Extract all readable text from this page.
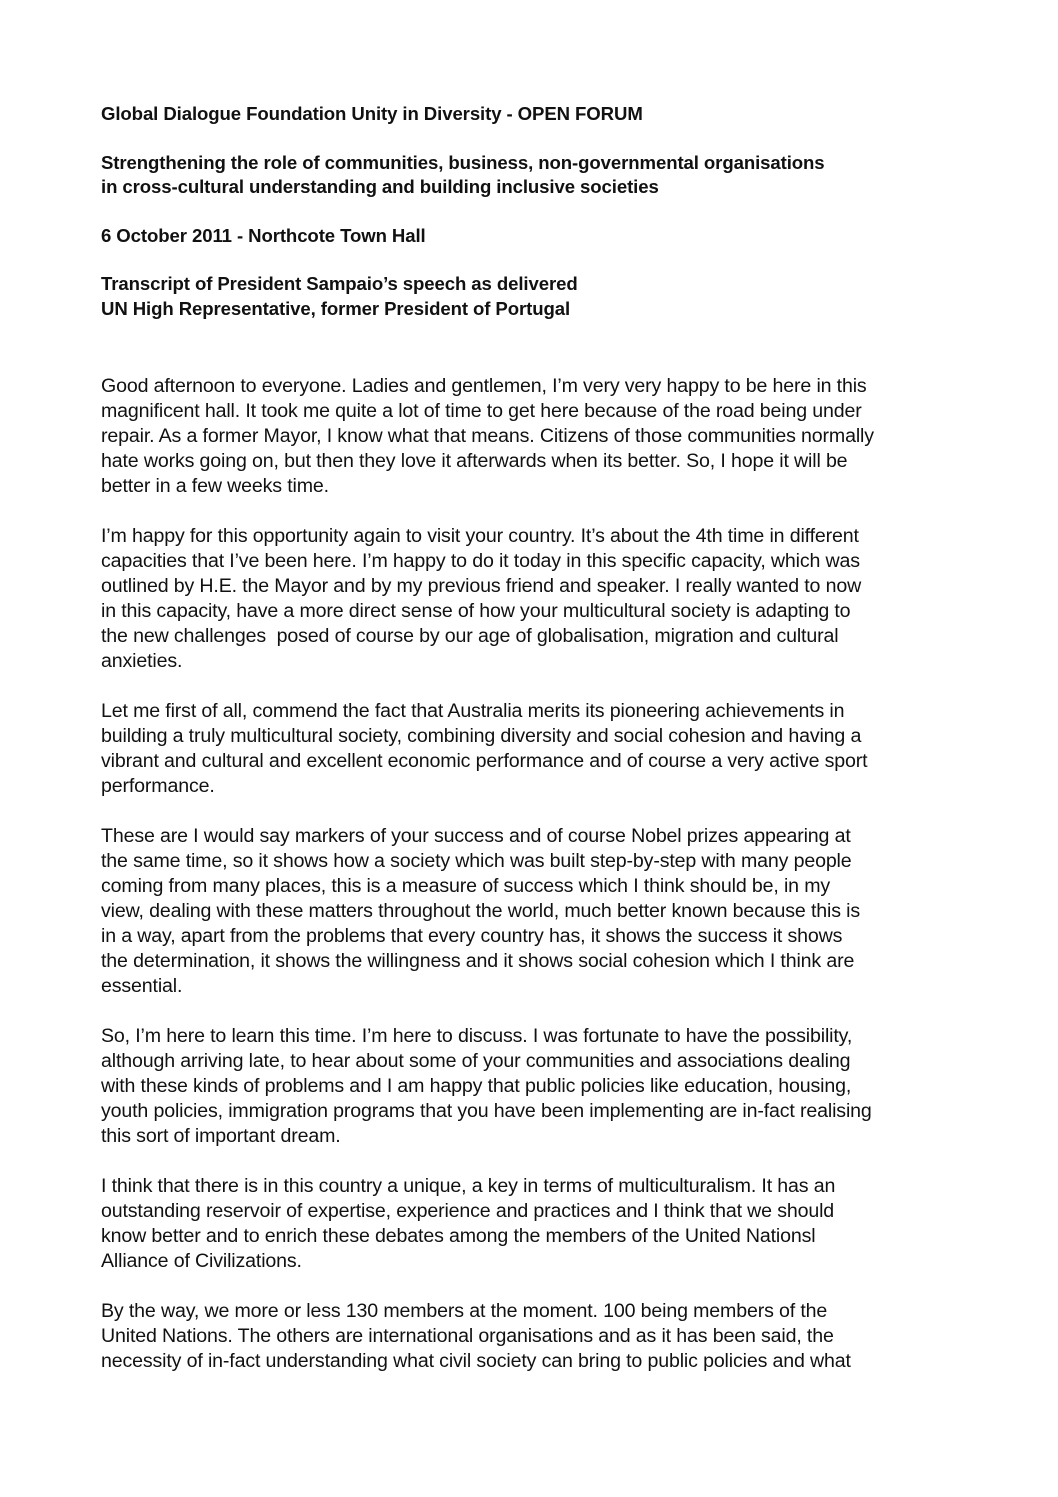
Global Dialogue Foundation Unity in Diversity - OPEN FORUM

Strengthening the role of communities, business, non-governmental organisations
in cross-cultural understanding and building inclusive societies

6 October 2011 - Northcote Town Hall

Transcript of President Sampaio’s speech as delivered
UN High Representative, former President of Portugal

Good afternoon to everyone. Ladies and gentlemen, I’m very very happy to be here in this
magnificent hall. It took me quite a lot of time to get here because of the road being under
repair. As a former Mayor, I know what that means. Citizens of those communities normally
hate works going on, but then they love it afterwards when its better. So, I hope it will be
better in a few weeks time.

I’m happy for this opportunity again to visit your country. It’s about the 4th time in different
capacities that I’ve been here. I’m happy to do it today in this specific capacity, which was
outlined by H.E. the Mayor and by my previous friend and speaker. I really wanted to now
in this capacity, have a more direct sense of how your multicultural society is adapting to
the new challenges  posed of course by our age of globalisation, migration and cultural
anxieties.

Let me first of all, commend the fact that Australia merits its pioneering achievements in
building a truly multicultural society, combining diversity and social cohesion and having a
vibrant and cultural and excellent economic performance and of course a very active sport
performance.

These are I would say markers of your success and of course Nobel prizes appearing at
the same time, so it shows how a society which was built step-by-step with many people
coming from many places, this is a measure of success which I think should be, in my
view, dealing with these matters throughout the world, much better known because this is
in a way, apart from the problems that every country has, it shows the success it shows
the determination, it shows the willingness and it shows social cohesion which I think are
essential.

So, I’m here to learn this time. I’m here to discuss. I was fortunate to have the possibility,
although arriving late, to hear about some of your communities and associations dealing
with these kinds of problems and I am happy that public policies like education, housing,
youth policies, immigration programs that you have been implementing are in-fact realising
this sort of important dream.

I think that there is in this country a unique, a key in terms of multiculturalism. It has an
outstanding reservoir of expertise, experience and practices and I think that we should
know better and to enrich these debates among the members of the United Nationsl
Alliance of Civilizations.

By the way, we more or less 130 members at the moment. 100 being members of the
United Nations. The others are international organisations and as it has been said, the
necessity of in-fact understanding what civil society can bring to public policies and what
